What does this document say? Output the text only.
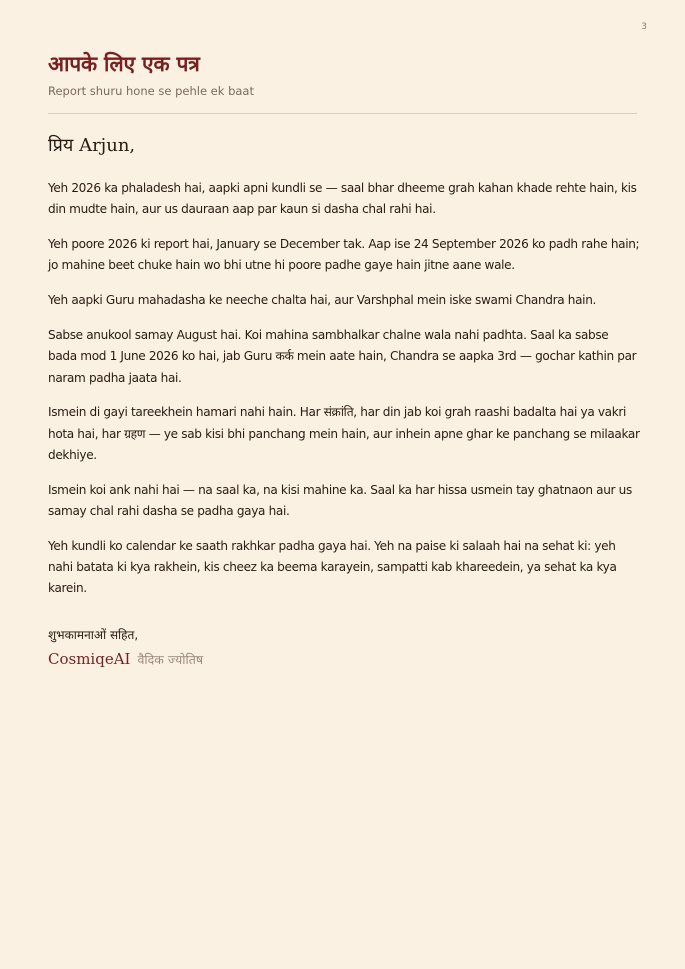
3
आपके लिए एक पत्र
Report shuru hone se pehle ek baat
प्रिय Arjun,

Yeh 2026 ka phaladesh hai, aapki apni kundli se — saal bhar dheeme grah kahan khade rehte hain, kis din mudte hain, aur us dauraan aap par kaun si dasha chal rahi hai.

Yeh poore 2026 ki report hai, January se December tak. Aap ise 24 September 2026 ko padh rahe hain; jo mahine beet chuke hain wo bhi utne hi poore padhe gaye hain jitne aane wale.

Yeh aapki Guru mahadasha ke neeche chalta hai, aur Varshphal mein iske swami Chandra hain.

Sabse anukool samay August hai. Koi mahina sambhalkar chalne wala nahi padhta. Saal ka sabse bada mod 1 June 2026 ko hai, jab Guru कर्क mein aate hain, Chandra se aapka 3rd — gochar kathin par naram padha jaata hai.

Ismein di gayi tareekhein hamari nahi hain. Har संक्रांति, har din jab koi grah raashi badalta hai ya vakri hota hai, har ग्रहण — ye sab kisi bhi panchang mein hain, aur inhein apne ghar ke panchang se milaakar dekhiye.

Ismein koi ank nahi hai — na saal ka, na kisi mahine ka. Saal ka har hissa usmein tay ghatnaon aur us samay chal rahi dasha se padha gaya hai.

Yeh kundli ko calendar ke saath rakhkar padha gaya hai. Yeh na paise ki salaah hai na sehat ki: yeh nahi batata ki kya rakhein, kis cheez ka beema karayein, sampatti kab khareedein, ya sehat ka kya karein.

शुभकामनाओं सहित,
CosmiqeAI वैदिक ज्योतिष
